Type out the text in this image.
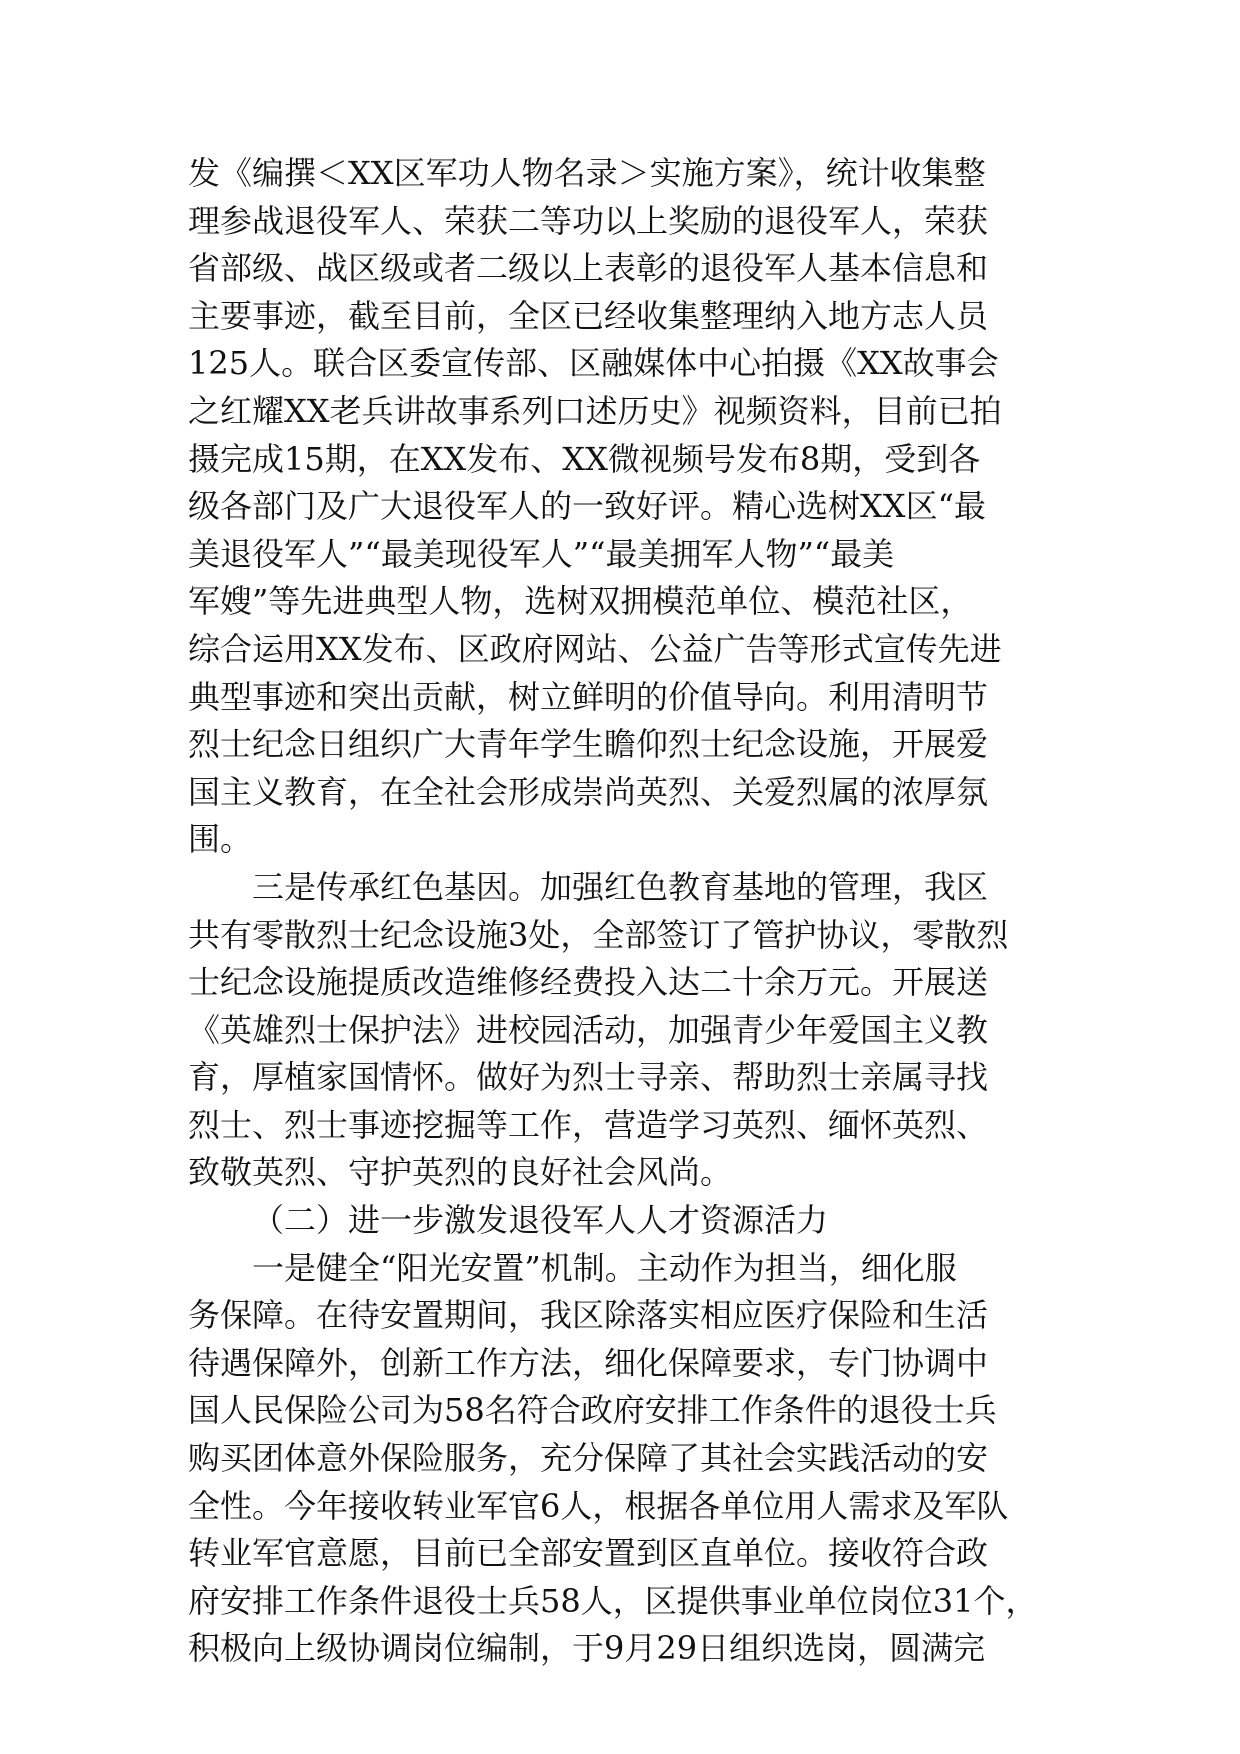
发《编撰＜XX区军功人物名录＞实施方案》，统计收集整
理参战退役军人、荣获二等功以上奖励的退役军人，荣获
省部级、战区级或者二级以上表彰的退役军人基本信息和
主要事迹，截至目前，全区已经收集整理纳入地方志人员
125人。联合区委宣传部、区融媒体中心拍摄《XX故事会
之红耀XX老兵讲故事系列口述历史》视频资料，目前已拍
摄完成15期，在XX发布、XX微视频号发布8期，受到各
级各部门及广大退役军人的一致好评。精心选树XX区“最
美退役军人”“最美现役军人”“最美拥军人物”“最美
军嫂”等先进典型人物，选树双拥模范单位、模范社区，
综合运用XX发布、区政府网站、公益广告等形式宣传先进
典型事迹和突出贡献，树立鲜明的价值导向。利用清明节
烈士纪念日组织广大青年学生瞻仰烈士纪念设施，开展爱
国主义教育，在全社会形成崇尚英烈、关爱烈属的浓厚氛
围。
三是传承红色基因。加强红色教育基地的管理，我区
共有零散烈士纪念设施3处，全部签订了管护协议，零散烈
士纪念设施提质改造维修经费投入达二十余万元。开展送
《英雄烈士保护法》进校园活动，加强青少年爱国主义教
育，厚植家国情怀。做好为烈士寻亲、帮助烈士亲属寻找
烈士、烈士事迹挖掘等工作，营造学习英烈、缅怀英烈、
致敬英烈、守护英烈的良好社会风尚。
（二）进一步激发退役军人人才资源活力
一是健全“阳光安置”机制。主动作为担当，细化服
务保障。在待安置期间，我区除落实相应医疗保险和生活
待遇保障外，创新工作方法，细化保障要求，专门协调中
国人民保险公司为58名符合政府安排工作条件的退役士兵
购买团体意外保险服务，充分保障了其社会实践活动的安
全性。今年接收转业军官6人，根据各单位用人需求及军队
转业军官意愿，目前已全部安置到区直单位。接收符合政
府安排工作条件退役士兵58人，区提供事业单位岗位31个，
积极向上级协调岗位编制，于9月29日组织选岗，圆满完
